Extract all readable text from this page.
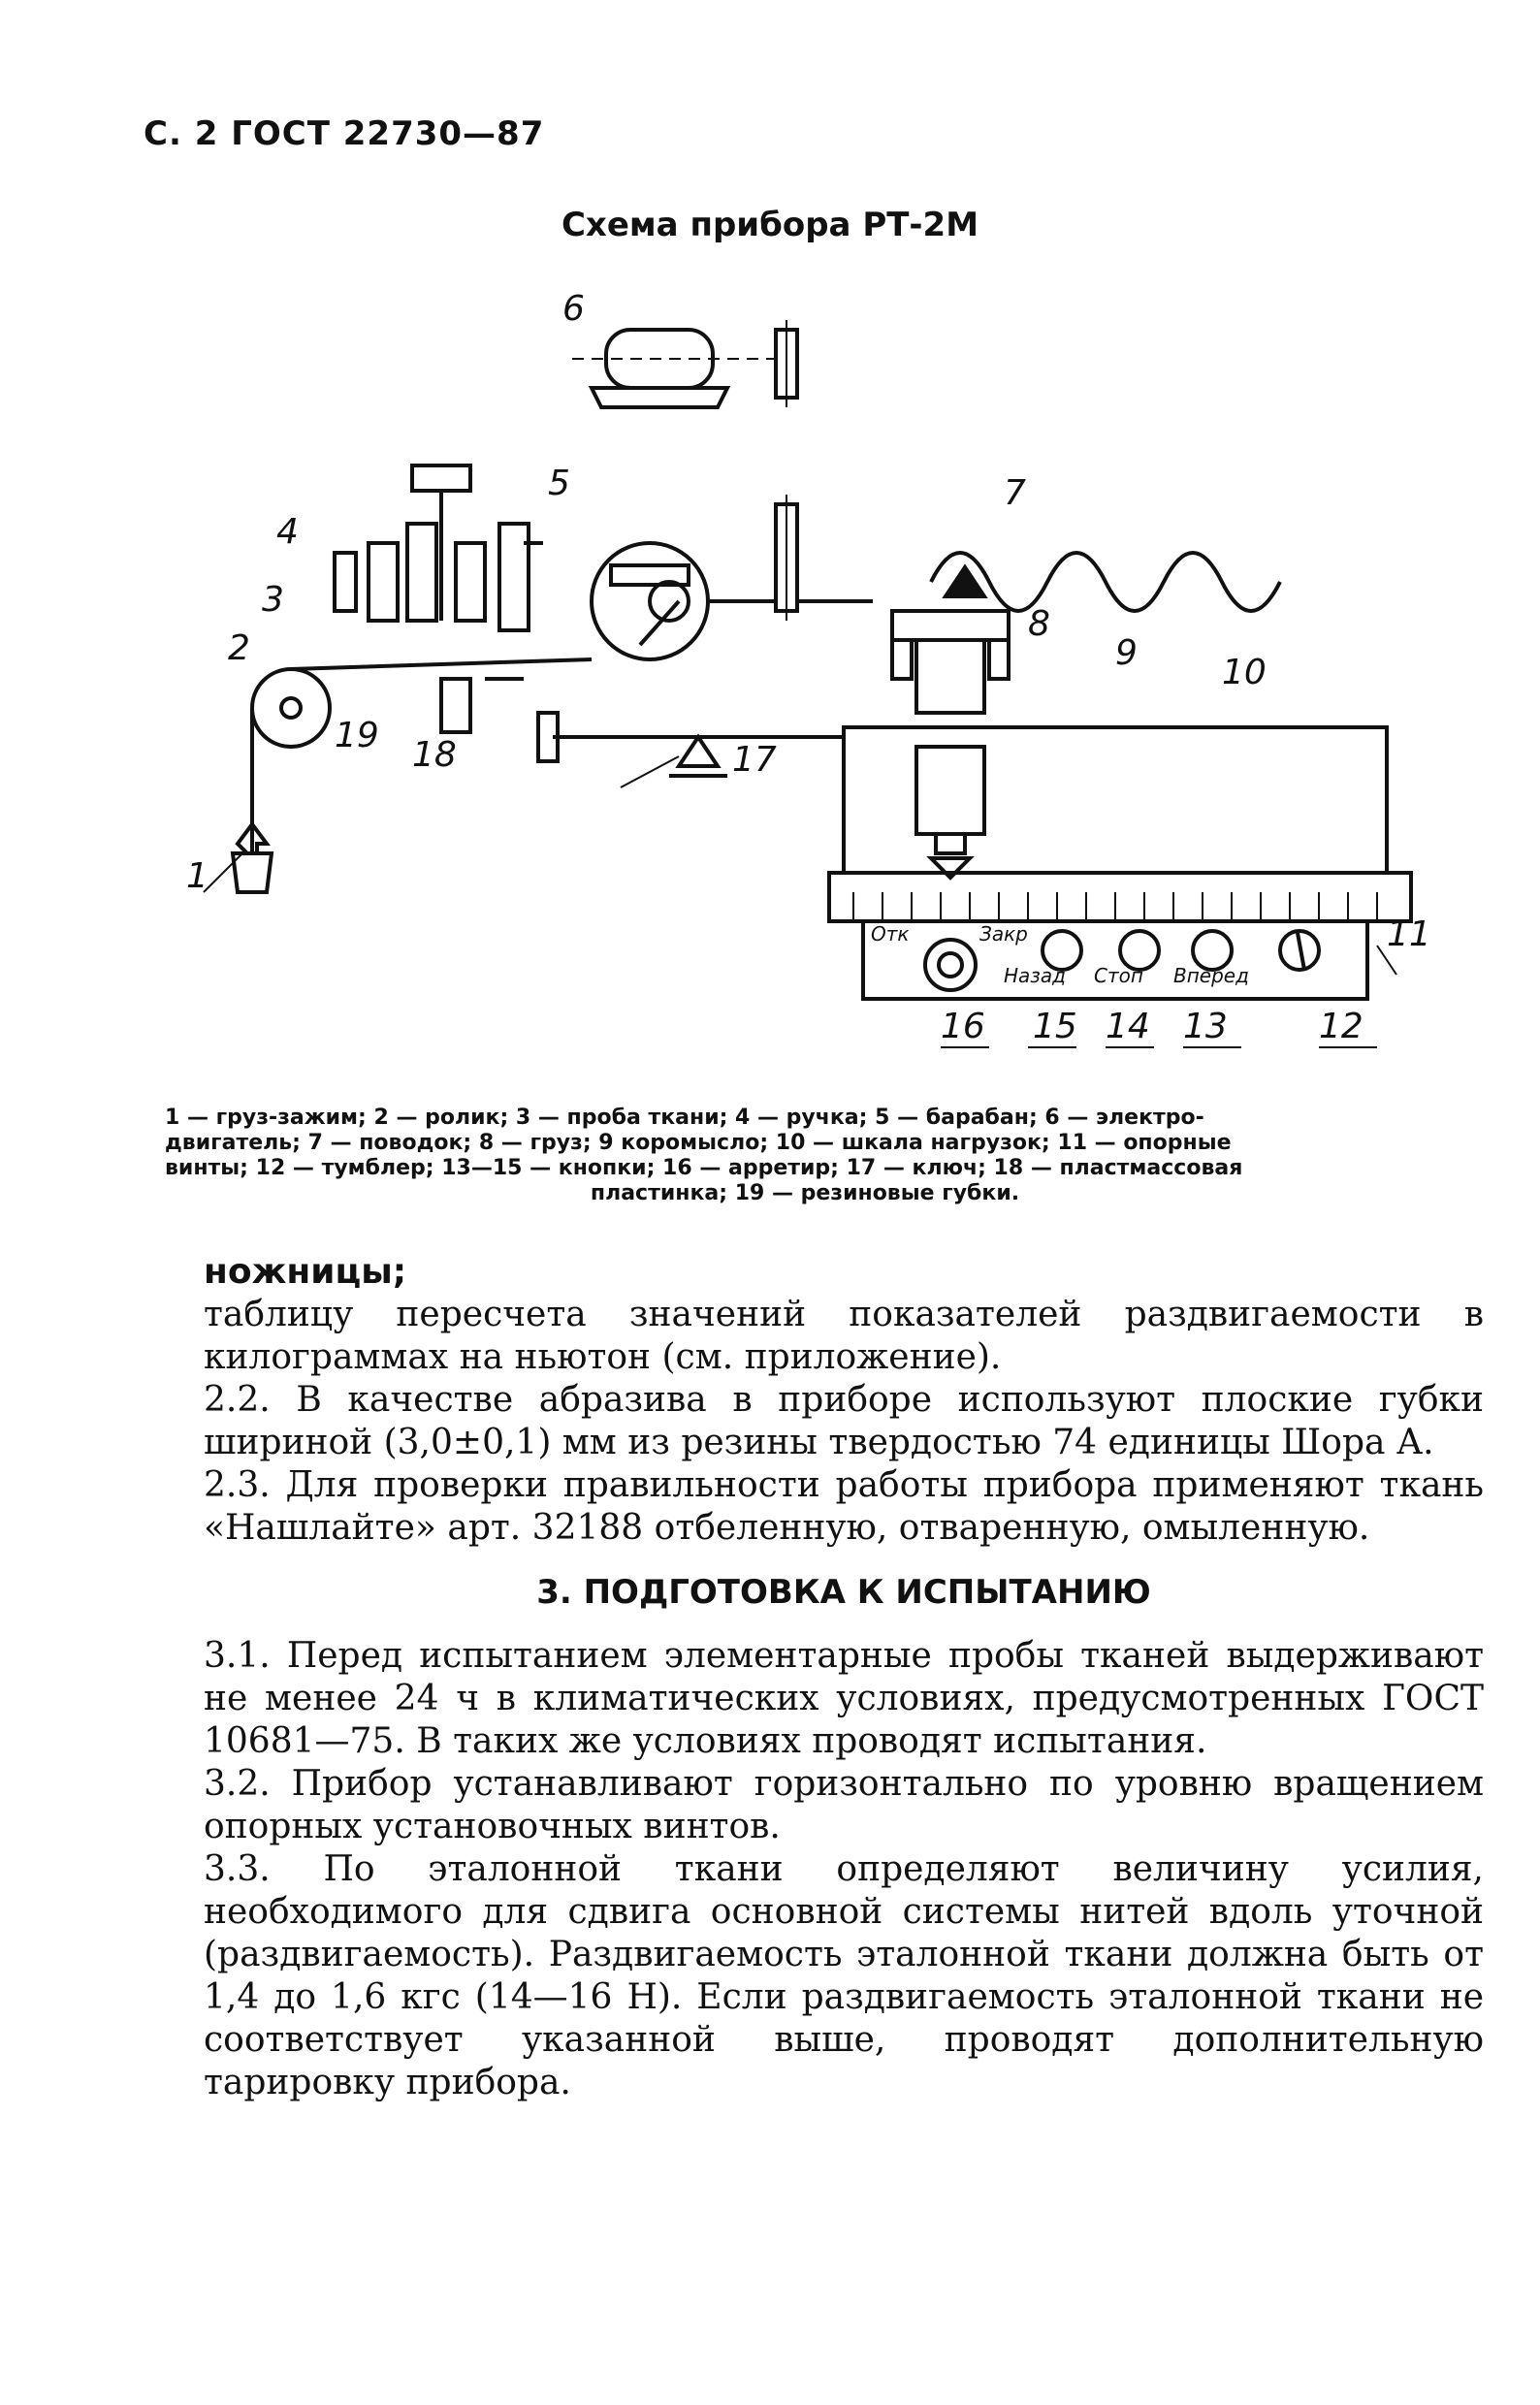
С. 2 ГОСТ 22730—87
Схема прибора РТ-2М
6
5	7
4
3
2
8
9 10
19 18	17
1
11
16 15 14 13	12
Отк	Закр
Назад Стоп Вперед
1 — груз-зажим; 2 — ролик; 3 — проба ткани; 4 — ручка; 5 — барабан; 6 — электро-
двигатель; 7 — поводок; 8 — груз; 9 коромысло; 10 — шкала нагрузок; 11 — опорные
винты; 12 — тумблер; 13—15 — кнопки; 16 — арретир; 17 — ключ; 18 — пластмассовая
пластинка; 19 — резиновые губки.

ножницы;

таблицу пересчета значений показателей раздвигаемости в килограммах на ньютон (см. приложение).

2.2. В качестве абразива в приборе используют плоские губки шириной (3,0±0,1) мм из резины твердостью 74 единицы Шора А.

2.3. Для проверки правильности работы прибора применяют ткань «Нашлайте» арт. 32188 отбеленную, отваренную, омыленную.

3. ПОДГОТОВКА К ИСПЫТАНИЮ

3.1. Перед испытанием элементарные пробы тканей выдерживают не менее 24 ч в климатических условиях, предусмотренных ГОСТ 10681—75. В таких же условиях проводят испытания.

3.2. Прибор устанавливают горизонтально по уровню вращением опорных установочных винтов.

3.3. По эталонной ткани определяют величину усилия, необходимого для сдвига основной системы нитей вдоль уточной (раздвигаемость). Раздвигаемость эталонной ткани должна быть от 1,4 до 1,6 кгс (14—16 Н). Если раздвигаемость эталонной ткани не соответствует указанной выше, проводят дополнительную тарировку прибора.
